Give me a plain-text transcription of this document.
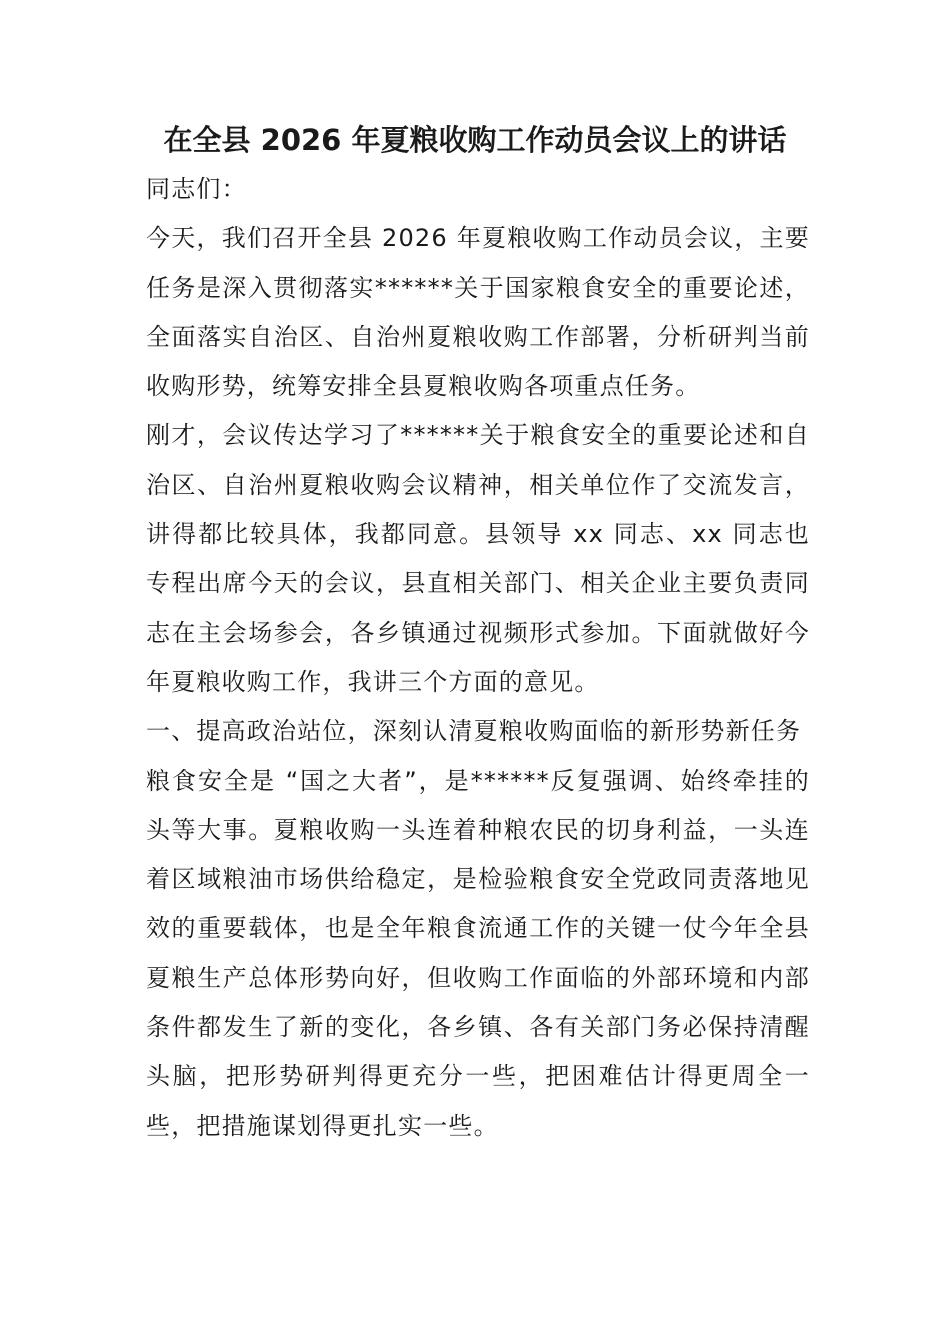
在全县 2026 年夏粮收购工作动员会议上的讲话

同志们：

今天，我们召开全县 2026 年夏粮收购工作动员会议，主要任务是深入贯彻落实******关于国家粮食安全的重要论述，全面落实自治区、自治州夏粮收购工作部署，分析研判当前收购形势，统筹安排全县夏粮收购各项重点任务。

刚才，会议传达学习了******关于粮食安全的重要论述和自治区、自治州夏粮收购会议精神，相关单位作了交流发言，讲得都比较具体，我都同意。县领导 xx 同志、xx 同志也专程出席今天的会议，县直相关部门、相关企业主要负责同志在主会场参会，各乡镇通过视频形式参加。下面就做好今年夏粮收购工作，我讲三个方面的意见。

一、提高政治站位，深刻认清夏粮收购面临的新形势新任务

粮食安全是 “国之大者”，是******反复强调、始终牵挂的头等大事。夏粮收购一头连着种粮农民的切身利益，一头连着区域粮油市场供给稳定，是检验粮食安全党政同责落地见效的重要载体，也是全年粮食流通工作的关键一仗今年全县夏粮生产总体形势向好，但收购工作面临的外部环境和内部条件都发生了新的变化，各乡镇、各有关部门务必保持清醒头脑，把形势研判得更充分一些，把困难估计得更周全一些，把措施谋划得更扎实一些。
